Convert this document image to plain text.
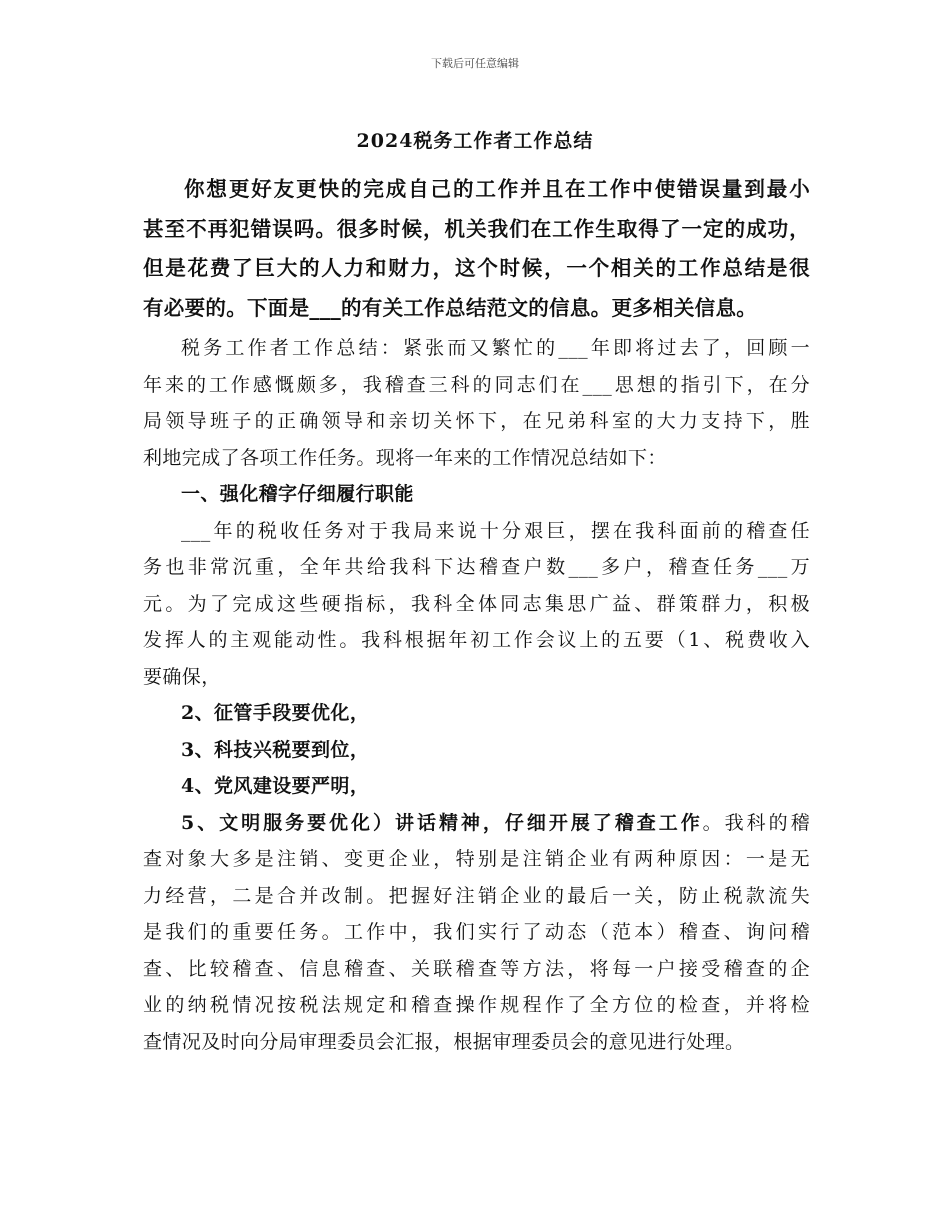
下载后可任意编辑
2024税务工作者工作总结
你想更好友更快的完成自己的工作并且在工作中使错误量到最小
甚至不再犯错误吗。很多时候，机关我们在工作生取得了一定的成功，
但是花费了巨大的人力和财力，这个时候，一个相关的工作总结是很
有必要的。下面是___的有关工作总结范文的信息。更多相关信息。
税务工作者工作总结：紧张而又繁忙的___年即将过去了，回顾一
年来的工作感慨颇多，我稽查三科的同志们在___思想的指引下，在分
局领导班子的正确领导和亲切关怀下，在兄弟科室的大力支持下，胜
利地完成了各项工作任务。现将一年来的工作情况总结如下：
一、强化稽字仔细履行职能
___年的税收任务对于我局来说十分艰巨，摆在我科面前的稽查任
务也非常沉重，全年共给我科下达稽查户数___多户，稽查任务___万
元。为了完成这些硬指标，我科全体同志集思广益、群策群力，积极
发挥人的主观能动性。我科根据年初工作会议上的五要（1、税费收入
要确保，
2、征管手段要优化，
3、科技兴税要到位，
4、党风建设要严明，
5、文明服务要优化）讲话精神，仔细开展了稽查工作。我科的稽
查对象大多是注销、变更企业，特别是注销企业有两种原因：一是无
力经营，二是合并改制。把握好注销企业的最后一关，防止税款流失
是我们的重要任务。工作中，我们实行了动态（范本）稽查、询问稽
查、比较稽查、信息稽查、关联稽查等方法，将每一户接受稽查的企
业的纳税情况按税法规定和稽查操作规程作了全方位的检查，并将检
查情况及时向分局审理委员会汇报，根据审理委员会的意见进行处理。
